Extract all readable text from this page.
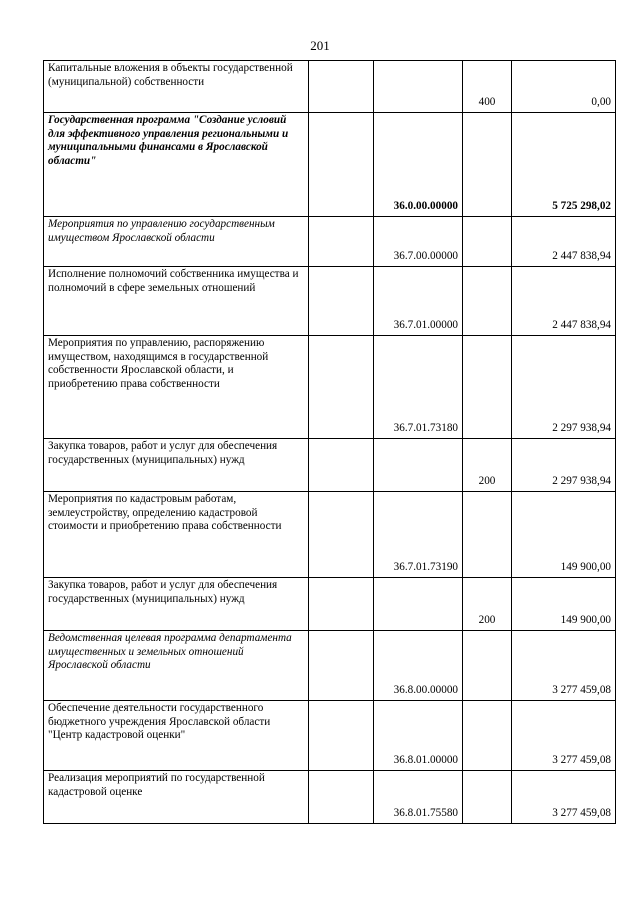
201
Капитальные вложения в объекты государственной (муниципальной) собственности			400	0,00
Государственная программа "Создание условий для эффективного управления региональными и муниципальными финансами в Ярославской области"		36.0.00.00000		5 725 298,02
Мероприятия по управлению государственным имуществом Ярославской области		36.7.00.00000		2 447 838,94
Исполнение полномочий собственника имущества и полномочий в сфере земельных отношений		36.7.01.00000		2 447 838,94
Мероприятия по управлению, распоряжению имуществом, находящимся в государственной собственности Ярославской области, и приобретению права собственности		36.7.01.73180		2 297 938,94
Закупка товаров, работ и услуг для обеспечения государственных (муниципальных) нужд			200	2 297 938,94
Мероприятия по кадастровым работам, землеустройству, определению кадастровой стоимости и приобретению права собственности		36.7.01.73190		149 900,00
Закупка товаров, работ и услуг для обеспечения государственных (муниципальных) нужд			200	149 900,00
Ведомственная целевая программа департамента имущественных и земельных отношений Ярославской области		36.8.00.00000		3 277 459,08
Обеспечение деятельности государственного бюджетного учреждения Ярославской области "Центр кадастровой оценки"		36.8.01.00000		3 277 459,08
Реализация мероприятий по государственной кадастровой оценке		36.8.01.75580		3 277 459,08
